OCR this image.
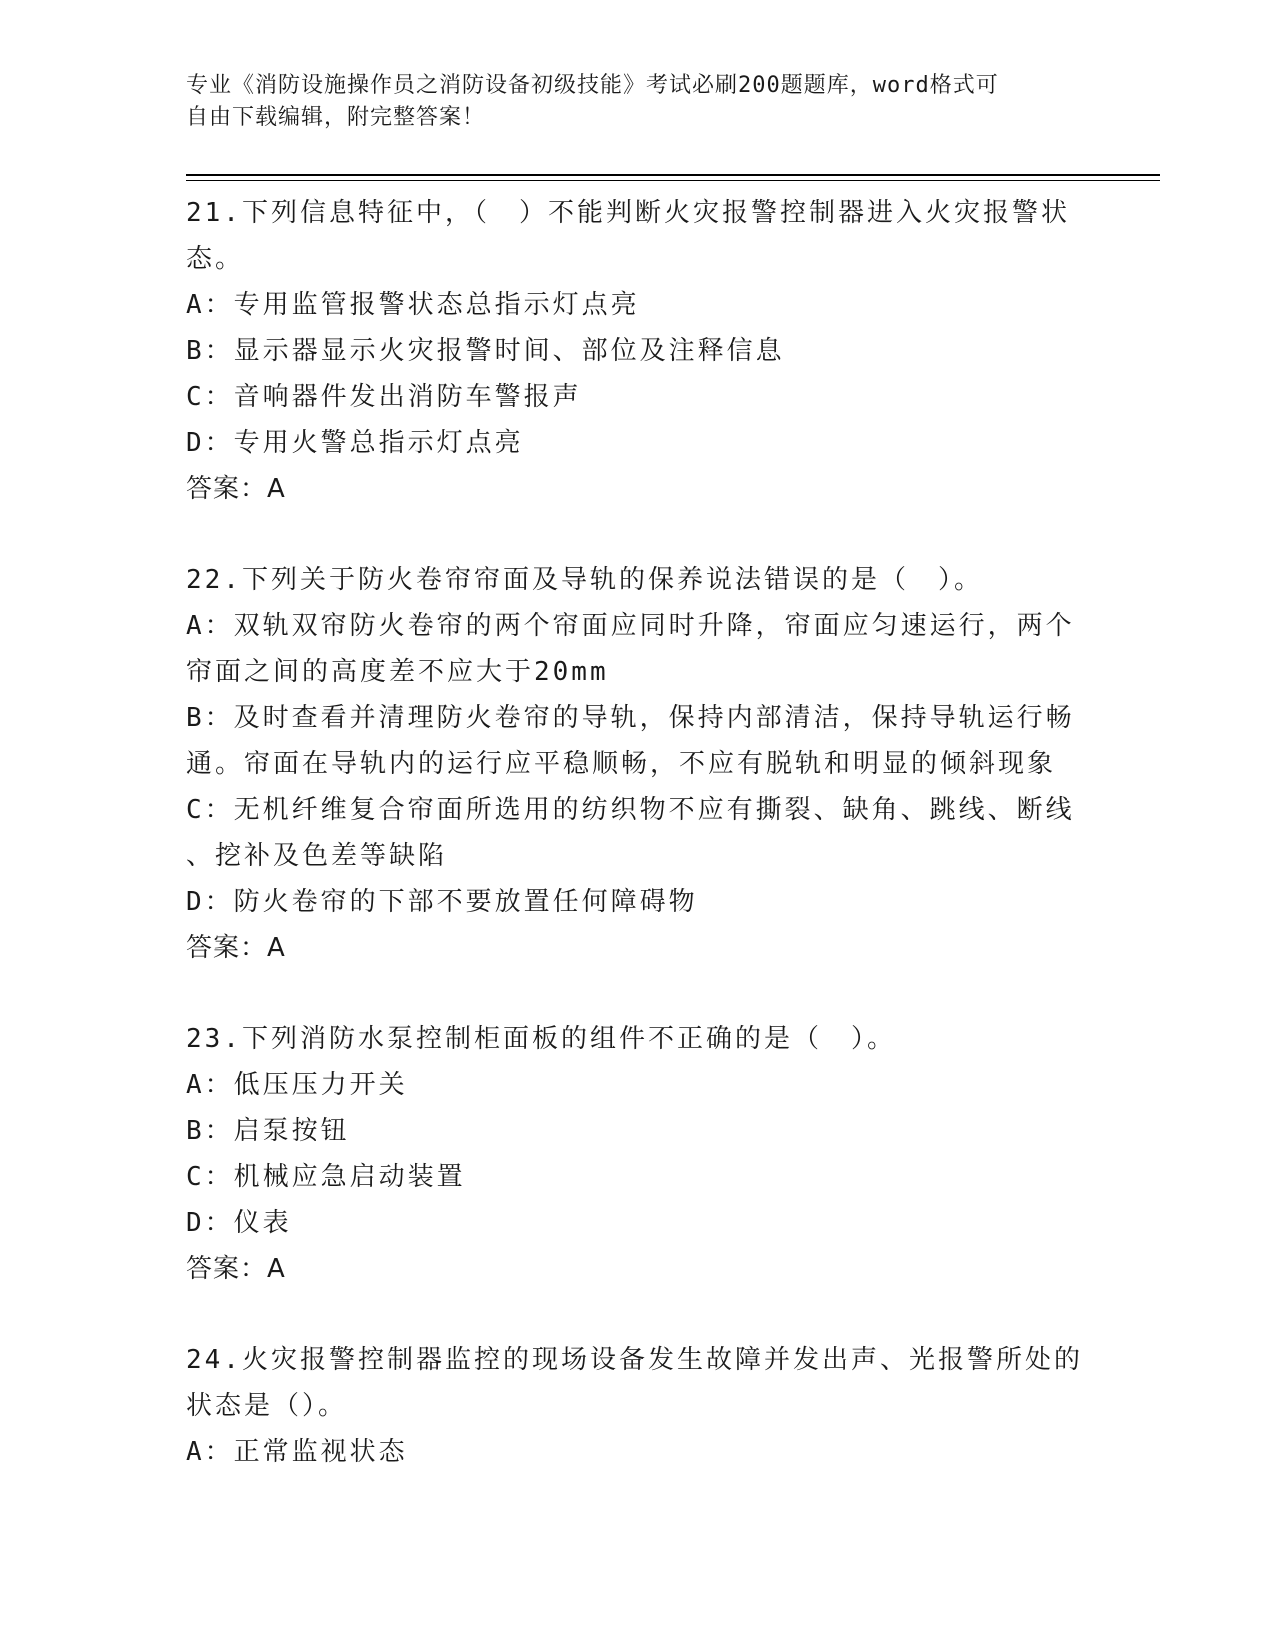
专业《消防设施操作员之消防设备初级技能》考试必刷200题题库，word格式可
自由下载编辑，附完整答案！
21.下列信息特征中，（　）不能判断火灾报警控制器进入火灾报警状
态。
A：专用监管报警状态总指示灯点亮
B：显示器显示火灾报警时间、部位及注释信息
C：音响器件发出消防车警报声
D：专用火警总指示灯点亮
答案：A
22.下列关于防火卷帘帘面及导轨的保养说法错误的是（　）。
A：双轨双帘防火卷帘的两个帘面应同时升降，帘面应匀速运行，两个
帘面之间的高度差不应大于20mm
B：及时查看并清理防火卷帘的导轨，保持内部清洁，保持导轨运行畅
通。帘面在导轨内的运行应平稳顺畅，不应有脱轨和明显的倾斜现象
C：无机纤维复合帘面所选用的纺织物不应有撕裂、缺角、跳线、断线
、挖补及色差等缺陷
D：防火卷帘的下部不要放置任何障碍物
答案：A
23.下列消防水泵控制柜面板的组件不正确的是（　）。
A：低压压力开关
B：启泵按钮
C：机械应急启动装置
D：仪表
答案：A
24.火灾报警控制器监控的现场设备发生故障并发出声、光报警所处的
状态是（）。
A：正常监视状态
